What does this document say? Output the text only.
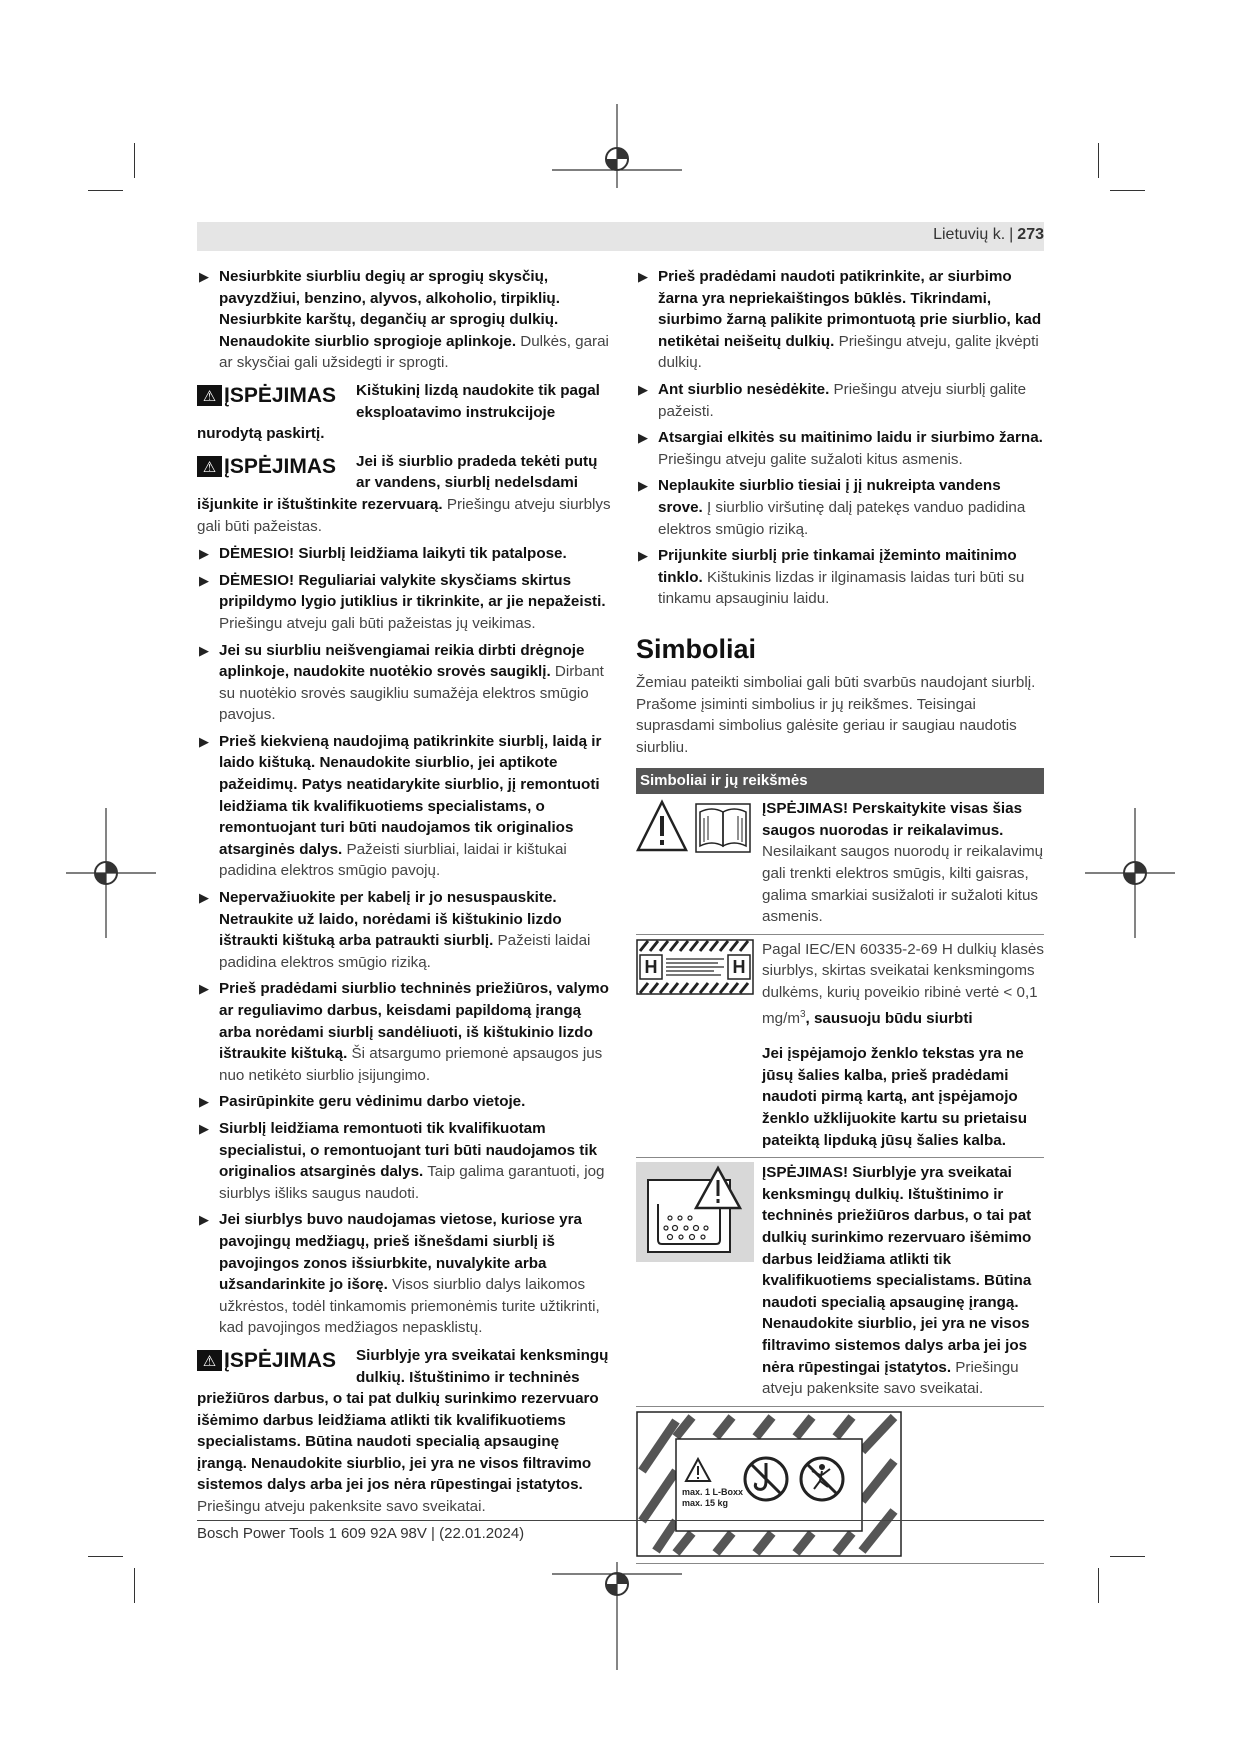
Lietuvių k. | 273
▶ Nesiurbkite siurbliu degių ar sprogių skysčių, pavyzdžiui, benzino, alyvos, alkoholio, tirpiklių. Nesiurbkite karštų, degančių ar sprogių dulkių. Nenaudokite siurblio sprogioje aplinkoje. Dulkės, garai ar skysčiai gali užsidegti ir sprogti.
⚠ ĮSPĖJIMAS Kištukinį lizdą naudokite tik pagal eksploatavimo instrukcijoje nurodytą paskirtį.
⚠ ĮSPĖJIMAS Jei iš siurblio pradeda tekėti putų ar vandens, siurblį nedelsdami išjunkite ir ištuštinkite rezervuarą. Priešingu atveju siurblys gali būti pažeistas.
▶ DĖMESIO! Siurblį leidžiama laikyti tik patalpose.
▶ DĖMESIO! Reguliariai valykite skysčiams skirtus pripildymo lygio jutiklius ir tikrinkite, ar jie nepažeisti. Priešingu atveju gali būti pažeistas jų veikimas.
▶ Jei su siurbliu neišvengiamai reikia dirbti drėgnoje aplinkoje, naudokite nuotėkio srovės saugiklį. Dirbant su nuotėkio srovės saugikliu sumažėja elektros smūgio pavojus.
▶ Prieš kiekvieną naudojimą patikrinkite siurblį, laidą ir laido kištuką. Nenaudokite siurblio, jei aptikote pažeidimų. Patys neatidarykite siurblio, jį remontuoti leidžiama tik kvalifikuotiems specialistams, o remontuojant turi būti naudojamos tik originalios atsarginės dalys. Pažeisti siurbliai, laidai ir kištukai padidina elektros smūgio pavojų.
▶ Nepervažiuokite per kabelį ir jo nesuspauskite. Netraukite už laido, norėdami iš kištukinio lizdo ištraukti kištuką arba patraukti siurblį. Pažeisti laidai padidina elektros smūgio riziką.
▶ Prieš pradėdami siurblio techninės priežiūros, valymo ar reguliavimo darbus, keisdami papildomą įrangą arba norėdami siurblį sandėliuoti, iš kištukinio lizdo ištraukite kištuką. Ši atsargumo priemonė apsaugos jus nuo netikėto siurblio įsijungimo.
▶ Pasirūpinkite geru vėdinimu darbo vietoje.
▶ Siurblį leidžiama remontuoti tik kvalifikuotam specialistui, o remontuojant turi būti naudojamos tik originalios atsarginės dalys. Taip galima garantuoti, jog siurblys išliks saugus naudoti.
▶ Jei siurblys buvo naudojamas vietose, kuriose yra pavojingų medžiagų, prieš išnešdami siurblį iš pavojingos zonos išsiurbkite, nuvalykite arba užsandarinkite jo išorę. Visos siurblio dalys laikomos užkrėstos, todėl tinkamomis priemonėmis turite užtikrinti, kad pavojingos medžiagos nepasklistų.
⚠ ĮSPĖJIMAS Siurblyje yra sveikatai kenksmingų dulkių. Ištuštinimo ir techninės priežiūros darbus, o tai pat dulkių surinkimo rezervuaro išėmimo darbus leidžiama atlikti tik kvalifikuotiems specialistams. Būtina naudoti specialią apsauginę įrangą. Nenaudokite siurblio, jei yra ne visos filtravimo sistemos dalys arba jei jos nėra rūpestingai įstatytos. Priešingu atveju pakenksite savo sveikatai.
▶ Prieš pradėdami naudoti patikrinkite, ar siurbimo žarna yra nepriekaištingos būklės. Tikrindami, siurbimo žarną palikite primontuotą prie siurblio, kad netikėtai neišeitų dulkių. Priešingu atveju, galite įkvėpti dulkių.
▶ Ant siurblio nesėdėkite. Priešingu atveju siurblį galite pažeisti.
▶ Atsargiai elkitės su maitinimo laidu ir siurbimo žarna. Priešingu atveju galite sužaloti kitus asmenis.
▶ Neplaukite siurblio tiesiai į jį nukreipta vandens srove. Į siurblio viršutinę dalį patekęs vanduo padidina elektros smūgio riziką.
▶ Prijunkite siurblį prie tinkamai įžeminto maitinimo tinklo. Kištukinis lizdas ir ilginamasis laidas turi būti su tinkamu apsauginiu laidu.
Simboliai
Žemiau pateikti simboliai gali būti svarbūs naudojant siurblį. Prašome įsiminti simbolius ir jų reikšmes. Teisingai suprasdami simbolius galėsite geriau ir saugiau naudotis siurbliu.
Simboliai ir jų reikšmės
ĮSPĖJIMAS! Perskaitykite visas šias saugos nuorodas ir reikalavimus. Nesilaikant saugos nuorodų ir reikalavimų gali trenkti elektros smūgis, kilti gaisras, galima smarkiai susižaloti ir sužaloti kitus asmenis.
H	H
Pagal IEC/EN 60335-2-69 H dulkių klasės siurblys, skirtas sveikatai kenksmingoms dulkėms, kurių poveikio ribinė vertė < 0,1 $mg/m^3$, sausuoju būdu siurbti
Jei įspėjamojo ženklo tekstas yra ne jūsų šalies kalba, prieš pradėdami naudoti pirmą kartą, ant įspėjamojo ženklo užklijuokite kartu su prietaisu pateiktą lipduką jūsų šalies kalba.
ĮSPĖJIMAS! Siurblyje yra sveikatai kenksmingų dulkių. Ištuštinimo ir techninės priežiūros darbus, o tai pat dulkių surinkimo rezervuaro išėmimo darbus leidžiama atlikti tik kvalifikuotiems specialistams. Būtina naudoti specialią apsauginę įrangą. Nenaudokite siurblio, jei yra ne visos filtravimo sistemos dalys arba jei jos nėra rūpestingai įstatytos. Priešingu atveju pakenksite savo sveikatai.
max. 1 L-Boxx
max. 15 kg
Bosch Power Tools 1 609 92A 98V | (22.01.2024)
